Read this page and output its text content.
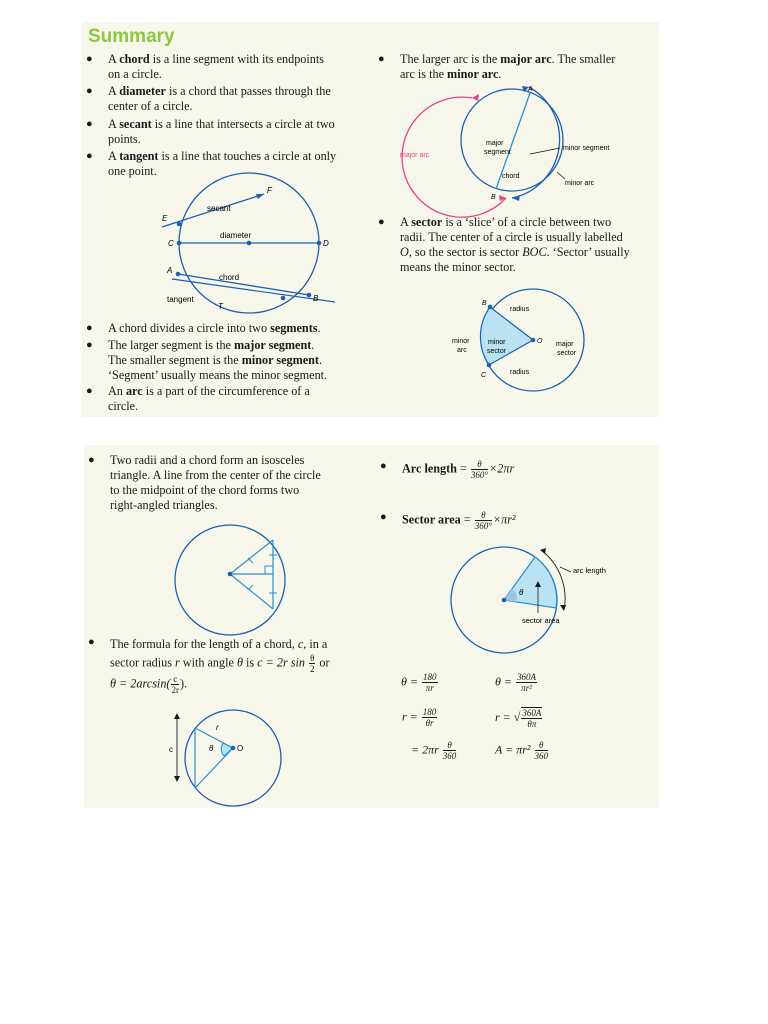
Summary
● A chord is a line segment with its endpoints
on a circle.
● A diameter is a chord that passes through the
center of a circle.
● A secant is a line that intersects a circle at two
points.
● A tangent is a line that touches a circle at only
one point.
F
E
secant
C
diameter
D
A
chord
tangent
T
B
● A chord divides a circle into two segments.
● The larger segment is the major segment.
The smaller segment is the minor segment.
‘Segment’ usually means the minor segment.
● An arc is a part of the circumference of a
circle.
● The larger arc is the major arc. The smaller
arc is the minor arc.
A
B
major
segment
major arc
chord
minor segment
minor arc
● A sector is a ‘slice’ of a circle between two
radii. The center of a circle is usually labelled
O, so the sector is sector BOC. ‘Sector’ usually
means the minor sector.
B
radius
minor
arc
minor
sector
O major
sector
radius
C
● Two radii and a chord form an isosceles
triangle. A line from the center of the circle
to the midpoint of the chord forms two
right-angled triangles.
● The formula for the length of a chord, c, in a
sector radius r with angle θ is c = 2r $\sin \frac{\theta}{2}$ or
$\theta = 2\arcsin( \frac{c}{2r}$ ).
r
c	θ	O
● Arc length = $\frac{\theta}{360^\circ} \times 2\pi r$
● Sector area = $\frac{\theta}{360^\circ} \times\pi r^2$
arc length
θ
sector area
$\theta = \frac{180}{\pi r}$	$\theta = \frac{360A}{\text{πr²}}$
$r = \frac{180}{\theta r}$	r = √ $\frac{360A}{\theta\pi}$
= $2\pi r \frac{\theta}{360}$	$A = \pi r^2 \frac{\theta}{360}$
